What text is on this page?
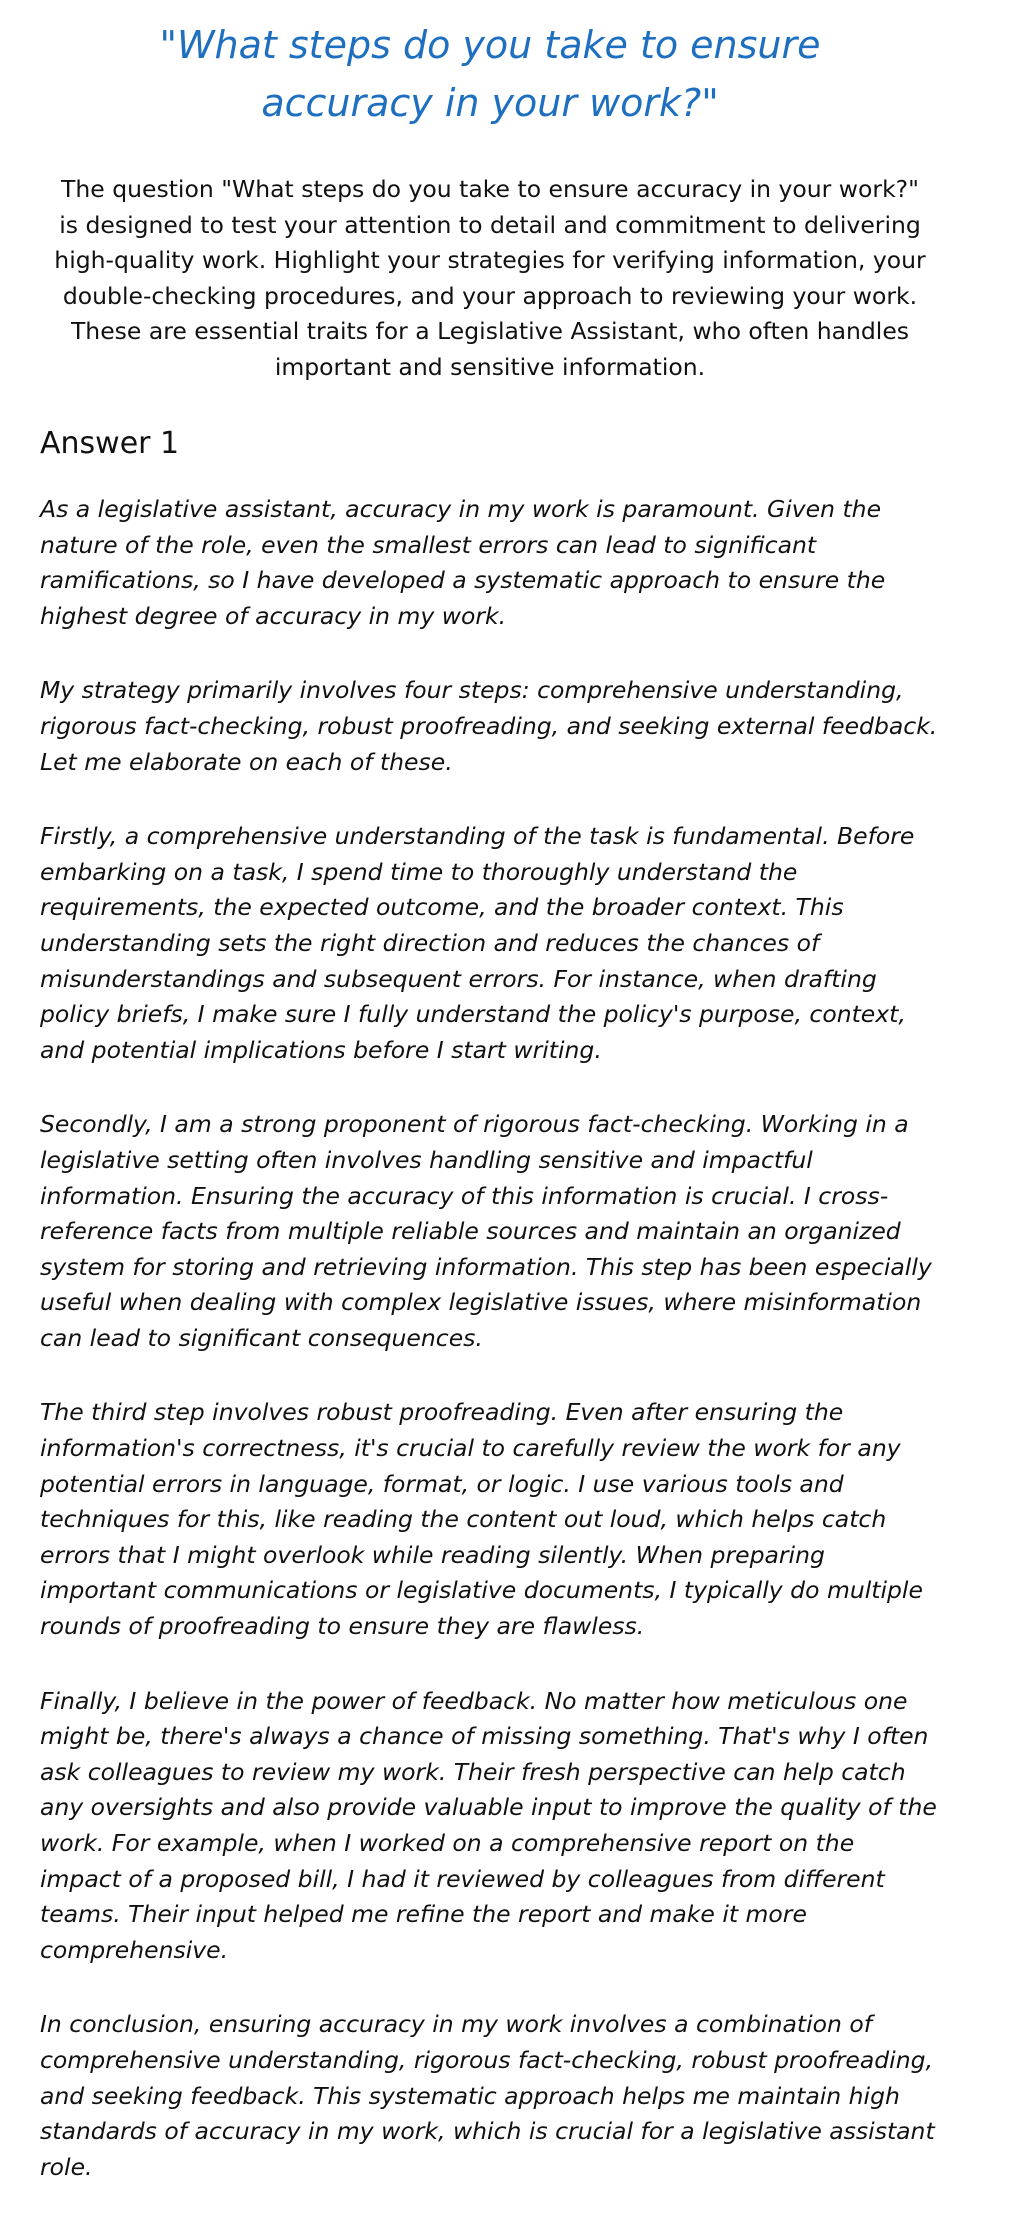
"What steps do you take to ensure accuracy in your work?"

The question "What steps do you take to ensure accuracy in your work?" is designed to test your attention to detail and commitment to delivering high-quality work. Highlight your strategies for verifying information, your double-checking procedures, and your approach to reviewing your work. These are essential traits for a Legislative Assistant, who often handles important and sensitive information.

Answer 1

As a legislative assistant, accuracy in my work is paramount. Given the nature of the role, even the smallest errors can lead to significant ramifications, so I have developed a systematic approach to ensure the highest degree of accuracy in my work.

My strategy primarily involves four steps: comprehensive understanding, rigorous fact-checking, robust proofreading, and seeking external feedback. Let me elaborate on each of these.

Firstly, a comprehensive understanding of the task is fundamental. Before embarking on a task, I spend time to thoroughly understand the requirements, the expected outcome, and the broader context. This understanding sets the right direction and reduces the chances of misunderstandings and subsequent errors. For instance, when drafting policy briefs, I make sure I fully understand the policy's purpose, context, and potential implications before I start writing.

Secondly, I am a strong proponent of rigorous fact-checking. Working in a legislative setting often involves handling sensitive and impactful information. Ensuring the accuracy of this information is crucial. I cross-reference facts from multiple reliable sources and maintain an organized system for storing and retrieving information. This step has been especially useful when dealing with complex legislative issues, where misinformation can lead to significant consequences.

The third step involves robust proofreading. Even after ensuring the information's correctness, it's crucial to carefully review the work for any potential errors in language, format, or logic. I use various tools and techniques for this, like reading the content out loud, which helps catch errors that I might overlook while reading silently. When preparing important communications or legislative documents, I typically do multiple rounds of proofreading to ensure they are flawless.

Finally, I believe in the power of feedback. No matter how meticulous one might be, there's always a chance of missing something. That's why I often ask colleagues to review my work. Their fresh perspective can help catch any oversights and also provide valuable input to improve the quality of the work. For example, when I worked on a comprehensive report on the impact of a proposed bill, I had it reviewed by colleagues from different teams. Their input helped me refine the report and make it more comprehensive.

In conclusion, ensuring accuracy in my work involves a combination of comprehensive understanding, rigorous fact-checking, robust proofreading, and seeking feedback. This systematic approach helps me maintain high standards of accuracy in my work, which is crucial for a legislative assistant role.
